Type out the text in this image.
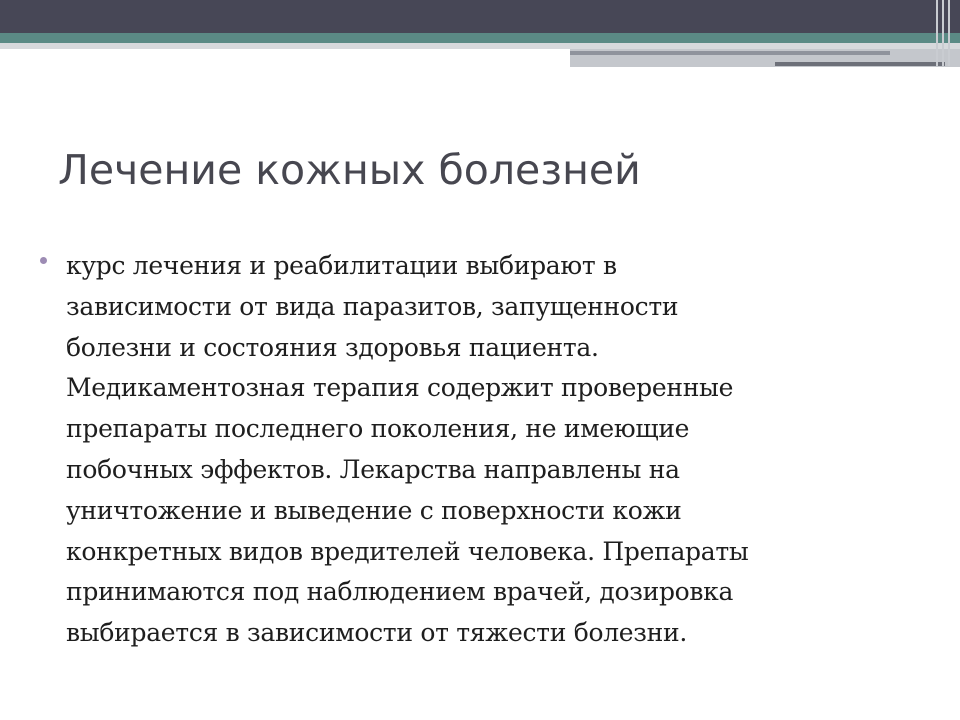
Лечение кожных болезней

курс лечения и реабилитации выбирают в
зависимости от вида паразитов, запущенности
болезни и состояния здоровья пациента.
Медикаментозная терапия содержит проверенные
препараты последнего поколения, не имеющие
побочных эффектов. Лекарства направлены на
уничтожение и выведение с поверхности кожи
конкретных видов вредителей человека. Препараты
принимаются под наблюдением врачей, дозировка
выбирается в зависимости от тяжести болезни.
